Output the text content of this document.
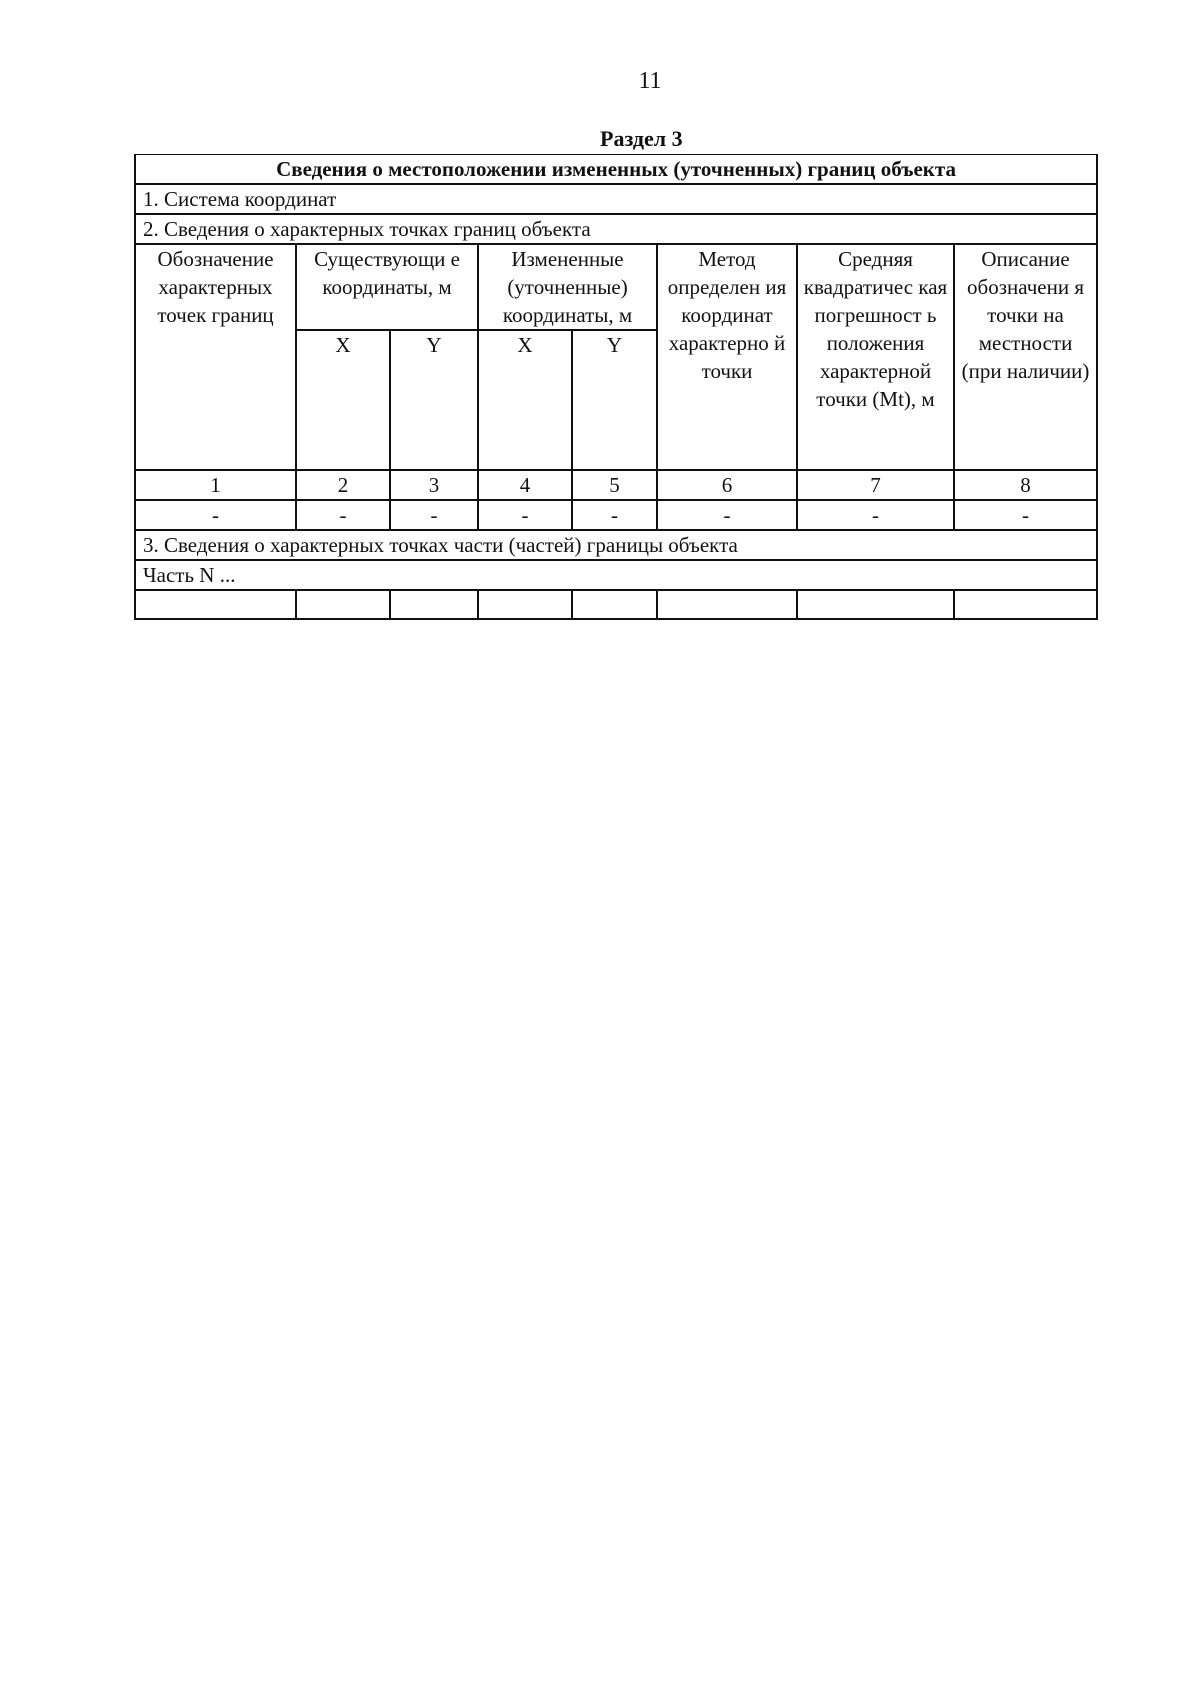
11
Раздел 3
Сведения о местоположении измененных (уточненных) границ объекта							
1. Система координат							
2. Сведения о характерных точках границ объекта							
Обозначение характерных точек границ	Существующи е координаты, м		Измененные (уточненные) координаты, м		Метод определен ия координат характерно й точки	Средняя квадратичес кая погрешност ь положения характерной точки (Mt), м	Описание обозначени я точки на местности (при наличии)
	X	Y	X	Y			
1	2	3	4	5	6	7	8
-	-	-	-	-	-	-	-
3. Сведения о характерных точках части (частей) границы объекта							
Часть N ...							
